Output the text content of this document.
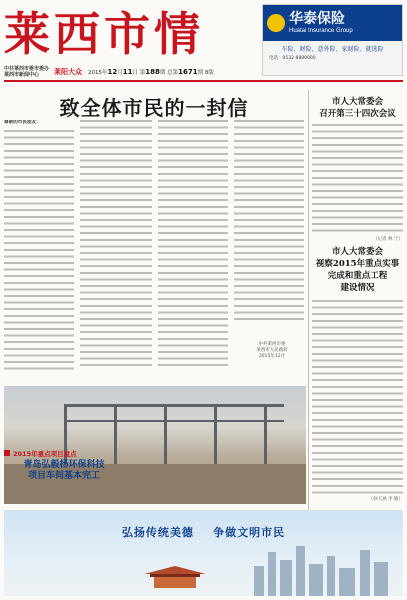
莱西市情	华泰保险
Huatai Insurance Group
车险、财险、意外险、家财险、就选险
电话：0532-8880000
中共莱西市委市委办
莱西市新闻中心	莱阳大众 2015年12月11日 第188期 总第1671期 8版
致全体市民的一封信
尊敬的市民朋友：
中共莱西市委
莱西市人民政府
2015年12月
市人大常委会
召开第三十四次会议
（记者 林 宁）
市人大常委会
视察2015年重点实事
完成和重点工程
建设情况
（孙天涵 李 敏）
2015年重点项目盘点
青岛弘毅杨环保科技
项目车间基本完工
弘扬传统美德    争做文明市民
